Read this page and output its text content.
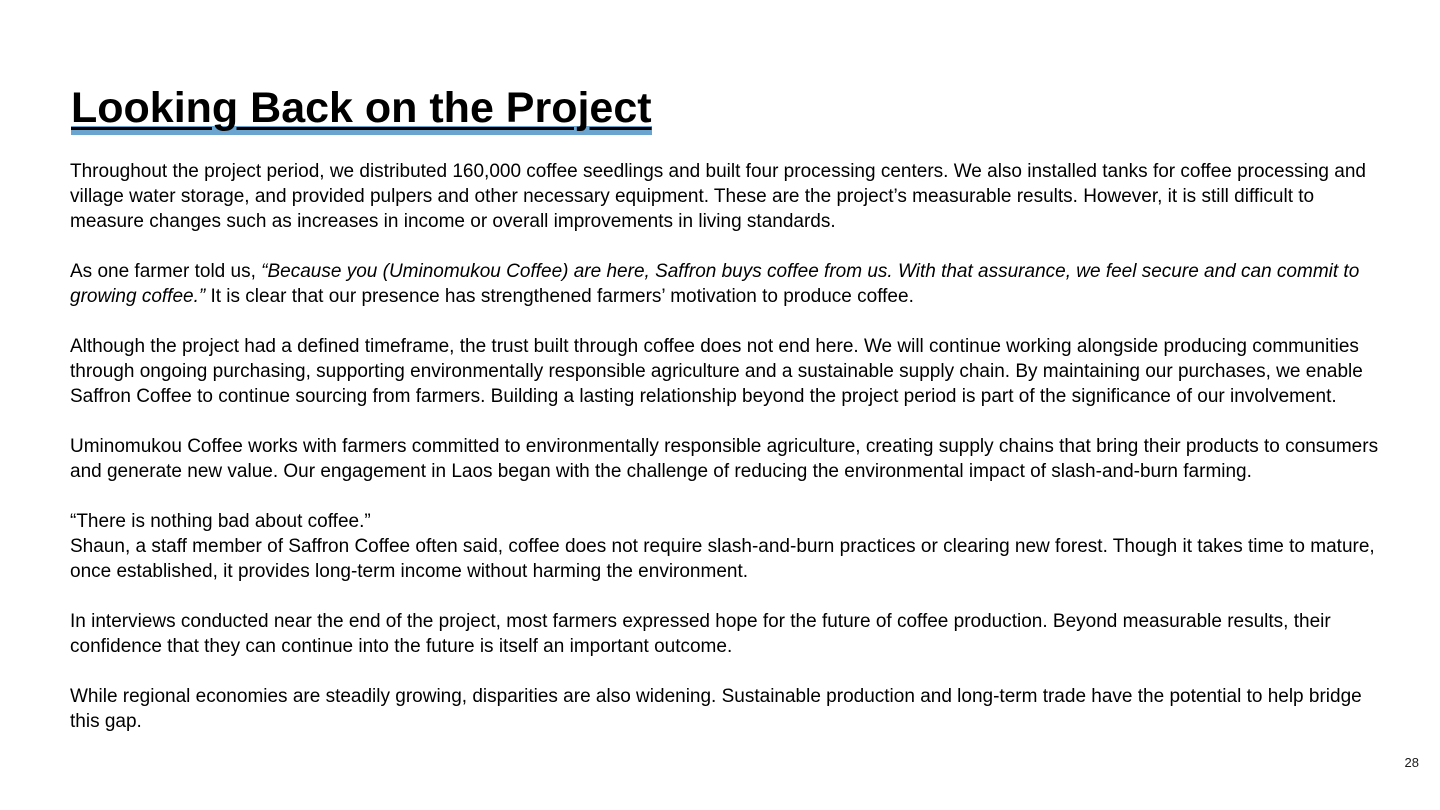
Looking Back on the Project

Throughout the project period, we distributed 160,000 coffee seedlings and built four processing centers. We also installed tanks for coffee processing and village water storage, and provided pulpers and other necessary equipment. These are the project’s measurable results. However, it is still difficult to measure changes such as increases in income or overall improvements in living standards.

As one farmer told us, “Because you (Uminomukou Coffee) are here, Saffron buys coffee from us. With that assurance, we feel secure and can commit to growing coffee.” It is clear that our presence has strengthened farmers’ motivation to produce coffee.

Although the project had a defined timeframe, the trust built through coffee does not end here. We will continue working alongside producing communities through ongoing purchasing, supporting environmentally responsible agriculture and a sustainable supply chain. By maintaining our purchases, we enable Saffron Coffee to continue sourcing from farmers. Building a lasting relationship beyond the project period is part of the significance of our involvement.

Uminomukou Coffee works with farmers committed to environmentally responsible agriculture, creating supply chains that bring their products to consumers and generate new value. Our engagement in Laos began with the challenge of reducing the environmental impact of slash-and-burn farming.

“There is nothing bad about coffee.”
Shaun, a staff member of Saffron Coffee often said, coffee does not require slash-and-burn practices or clearing new forest. Though it takes time to mature, once established, it provides long-term income without harming the environment.

In interviews conducted near the end of the project, most farmers expressed hope for the future of coffee production. Beyond measurable results, their confidence that they can continue into the future is itself an important outcome.

While regional economies are steadily growing, disparities are also widening. Sustainable production and long-term trade have the potential to help bridge this gap.

28
